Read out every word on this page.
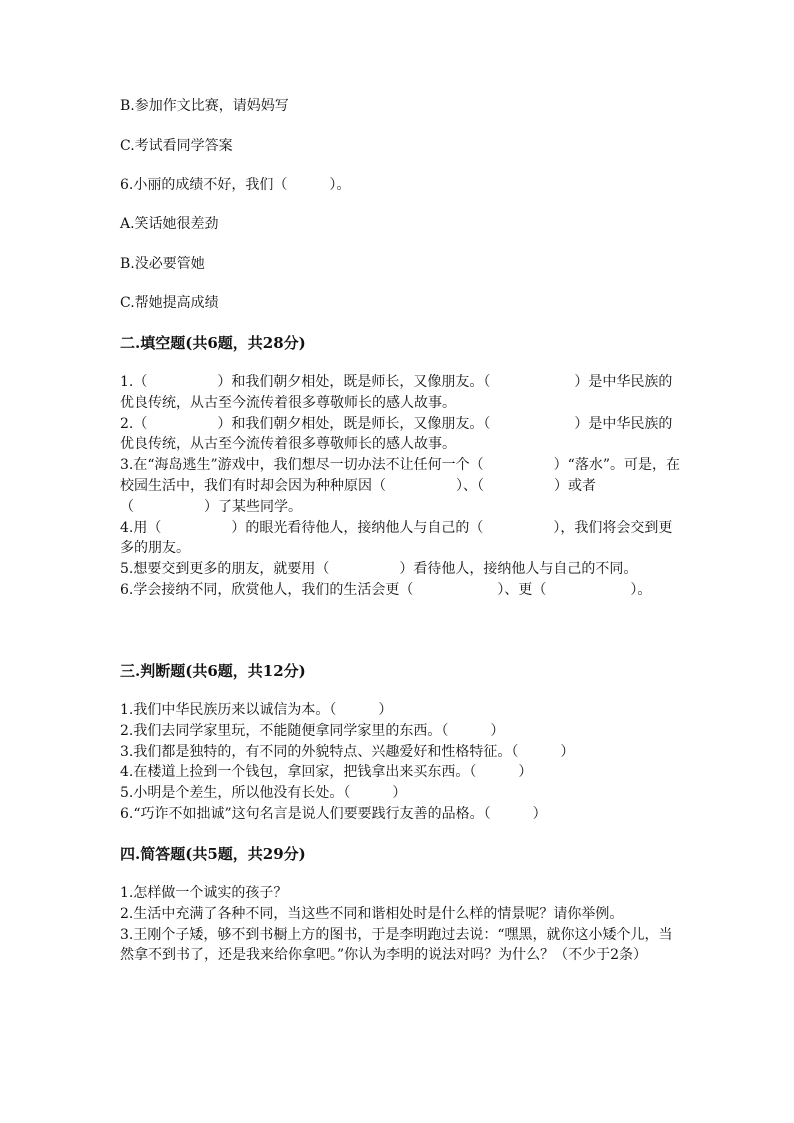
B.参加作文比赛，请妈妈写
C.考试看同学答案
6.小丽的成绩不好，我们（　　　）。
A.笑话她很差劲
B.没必要管她
C.帮她提高成绩
二.填空题(共6题，共28分)

1.（　　　　　）和我们朝夕相处，既是师长，又像朋友。（　　　　　　）是中华民族的优良传统，从古至今流传着很多尊敬师长的感人故事。

2.（　　　　　）和我们朝夕相处，既是师长，又像朋友。（　　　　　　）是中华民族的优良传统，从古至今流传着很多尊敬师长的感人故事。

3.在“海岛逃生”游戏中，我们想尽一切办法不让任何一个（　　　　　）“落水”。可是，在校园生活中，我们有时却会因为种种原因（　　　　　）、（　　　　　）或者（　　　　　）了某些同学。

4.用（　　　　　）的眼光看待他人，接纳他人与自己的（　　　　　），我们将会交到更多的朋友。

5.想要交到更多的朋友，就要用（　　　　　）看待他人，接纳他人与自己的不同。

6.学会接纳不同，欣赏他人，我们的生活会更（　　　　　　）、更（　　　　　　）。

三.判断题(共6题，共12分)

1.我们中华民族历来以诚信为本。（　　　）

2.我们去同学家里玩，不能随便拿同学家里的东西。（　　　）

3.我们都是独特的，有不同的外貌特点、兴趣爱好和性格特征。（　　　）

4.在楼道上捡到一个钱包，拿回家，把钱拿出来买东西。（　　　）

5.小明是个差生，所以他没有长处。（　　　）

6.“巧诈不如拙诚”这句名言是说人们要要践行友善的品格。（　　　）

四.简答题(共5题，共29分)

1.怎样做一个诚实的孩子？

2.生活中充满了各种不同，当这些不同和谐相处时是什么样的情景呢？请你举例。

3.王刚个子矮，够不到书橱上方的图书，于是李明跑过去说：“嘿黑，就你这小矮个儿，当然拿不到书了，还是我来给你拿吧。”你认为李明的说法对吗？为什么？（不少于2条）
